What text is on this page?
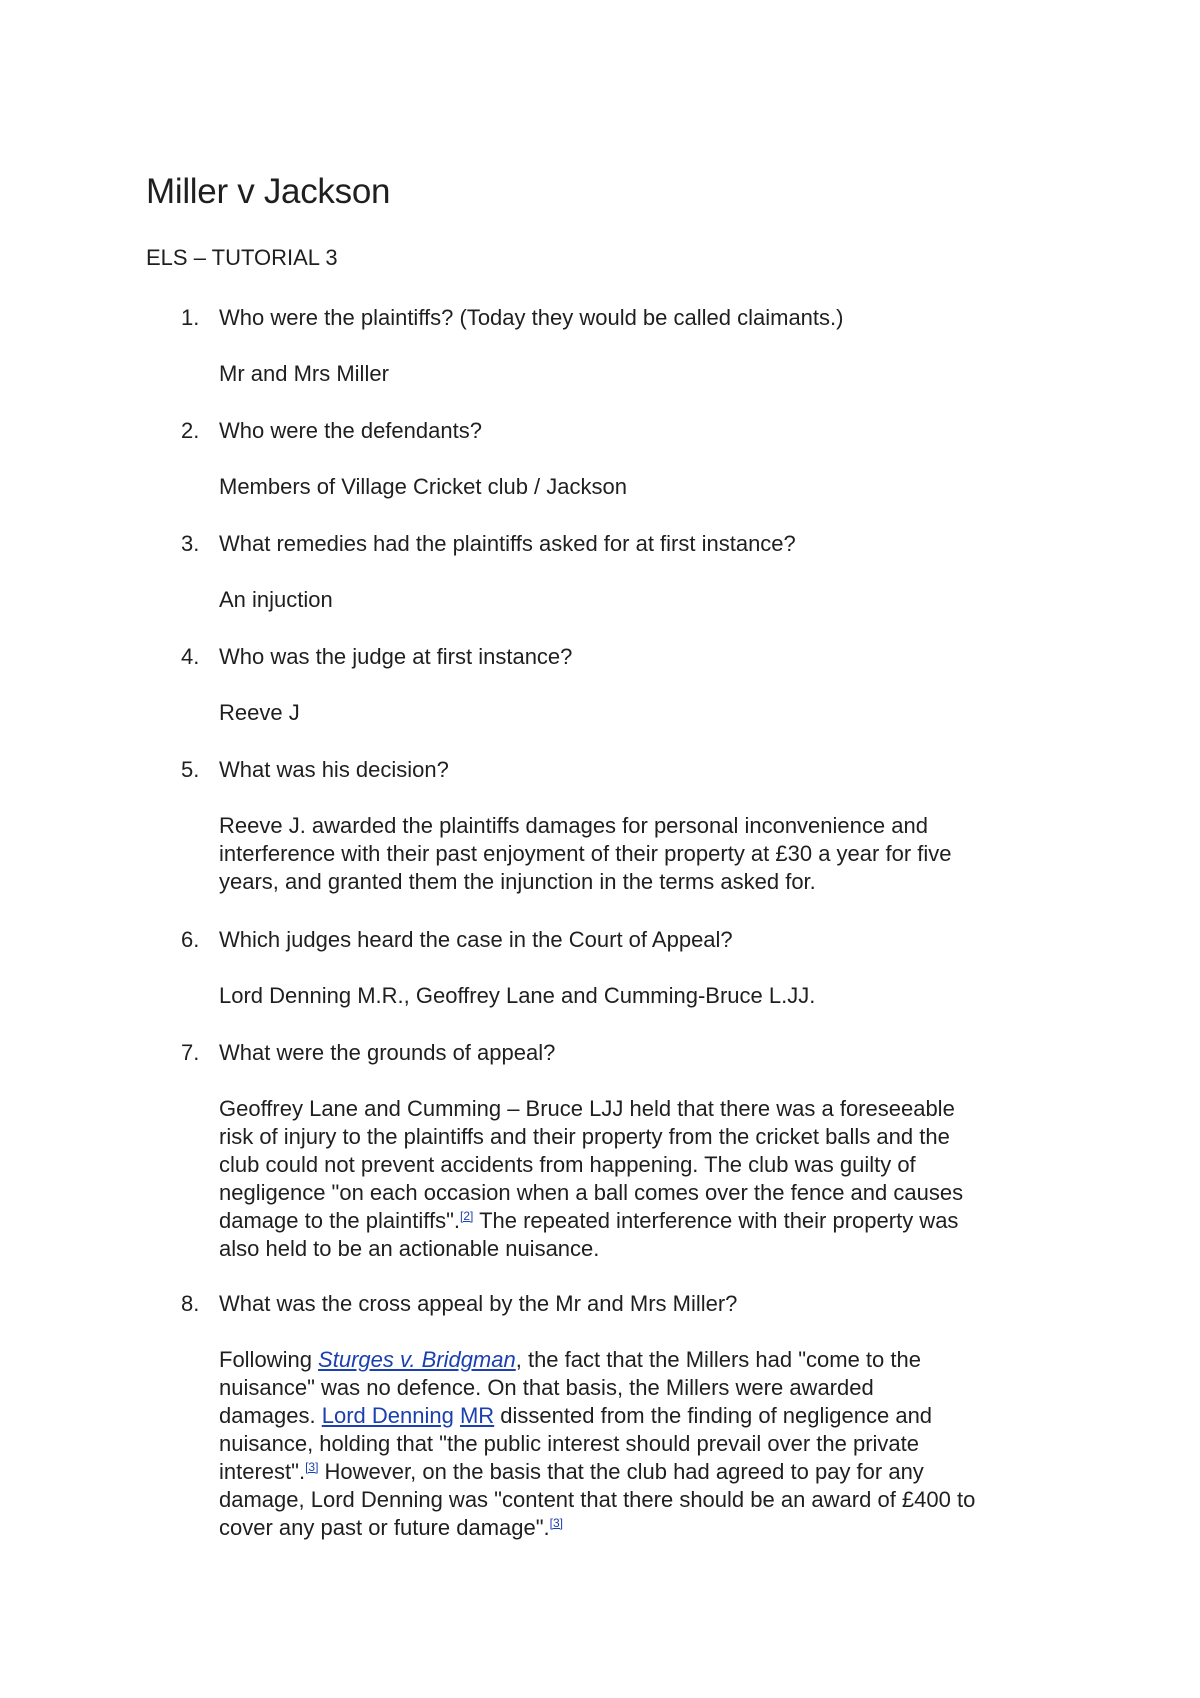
Miller v Jackson

ELS – TUTORIAL 3

1. Who were the plaintiffs? (Today they would be called claimants.)
Mr and Mrs Miller
2. Who were the defendants?
Members of Village Cricket club / Jackson
3. What remedies had the plaintiffs asked for at first instance?
An injuction
4. Who was the judge at first instance?
Reeve J
5. What was his decision?
Reeve J. awarded the plaintiffs damages for personal inconvenience and
interference with their past enjoyment of their property at £30 a year for five
years, and granted them the injunction in the terms asked for.
6. Which judges heard the case in the Court of Appeal?
Lord Denning M.R., Geoffrey Lane and Cumming-Bruce L.JJ.
7. What were the grounds of appeal?
Geoffrey Lane and Cumming – Bruce LJJ held that there was a foreseeable
risk of injury to the plaintiffs and their property from the cricket balls and the
club could not prevent accidents from happening. The club was guilty of
negligence "on each occasion when a ball comes over the fence and causes
damage to the plaintiffs".[2] The repeated interference with their property was
also held to be an actionable nuisance.
8. What was the cross appeal by the Mr and Mrs Miller?
Following Sturges v. Bridgman, the fact that the Millers had "come to the
nuisance" was no defence. On that basis, the Millers were awarded
damages. Lord Denning MR dissented from the finding of negligence and
nuisance, holding that "the public interest should prevail over the private
interest".[3] However, on the basis that the club had agreed to pay for any
damage, Lord Denning was "content that there should be an award of £400 to
cover any past or future damage".[3]
